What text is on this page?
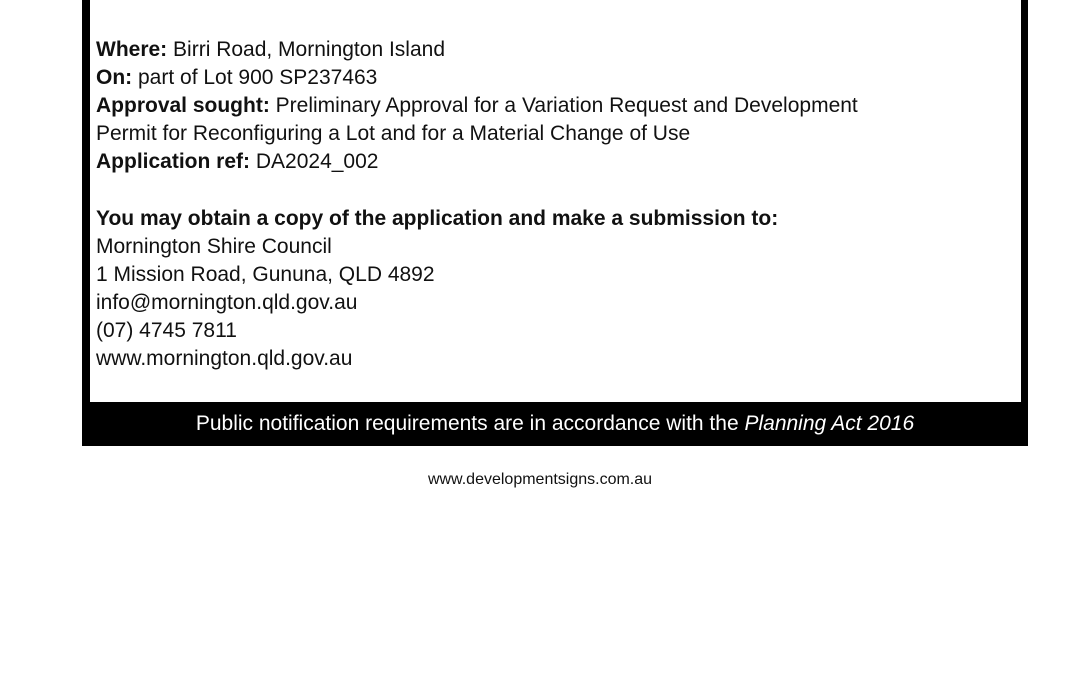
Where: Birri Road, Mornington Island
On: part of Lot 900 SP237463
Approval sought: Preliminary Approval for a Variation Request and Development
Permit for Reconfiguring a Lot and for a Material Change of Use
Application ref: DA2024_002
You may obtain a copy of the application and make a submission to:
Mornington Shire Council
1 Mission Road, Gununa, QLD 4892
info@mornington.qld.gov.au
(07) 4745 7811
www.mornington.qld.gov.au
Public notification requirements are in accordance with the Planning Act 2016
www.developmentsigns.com.au
